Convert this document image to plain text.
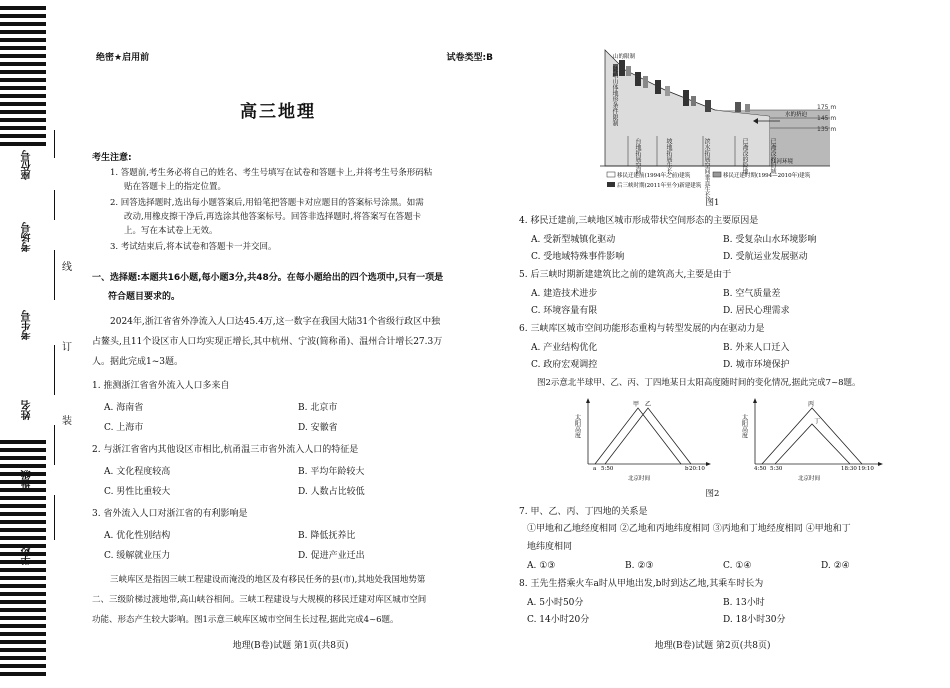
座位号
考场号
考生号
姓名
班级
学校
线
订
装
绝密★启用前	试卷类型:B
高三地理
考生注意:
1. 答题前,考生务必将自己的姓名、考生号填写在试卷和答题卡上,并将考生号条形码粘
贴在答题卡上的指定位置。
2. 回答选择题时,选出每小题答案后,用铅笔把答题卡对应题目的答案标号涂黑。如需
改动,用橡皮擦干净后,再选涂其他答案标号。回答非选择题时,将答案写在答题卡
上。写在本试卷上无效。
3. 考试结束后,将本试卷和答题卡一并交回。
一、选择题:本题共16小题,每小题3分,共48分。在每小题给出的四个选项中,只有一项是
符合题目要求的。
2024年,浙江省省外净流入人口达45.4万,这一数字在我国大陆31个省级行政区中独
占鳌头,且11个设区市人口均实现正增长,其中杭州、宁波(简称甬)、温州合计增长27.3万
人。据此完成1~3题。
1. 推测浙江省省外流入人口多来自
A. 海南省	B. 北京市
C. 上海市	D. 安徽省
2. 与浙江省省内其他设区市相比,杭甬温三市省外流入人口的特征是
A. 文化程度较高	B. 平均年龄较大
C. 男性比重较大	D. 人数占比较低
3. 省外流入人口对浙江省的有利影响是
A. 优化性别结构	B. 降低抚养比
C. 缓解就业压力	D. 促进产业迁出
三峡库区是指因三峡工程建设而淹没的地区及有移民任务的县(市),其地处我国地势第
二、三级阶梯过渡地带,高山峡谷相间。三峡工程建设与大规模的移民迁建对库区城市空间
功能、形态产生较大影响。图1示意三峡库区城市空间生长过程,据此完成4~6题。
地理(B卷)试题 第1页(共8页)
山的限制
水的挤迫
江河环境
175 m
145 m
135 m
移民迁建前(1994年之前)建筑	移民迁建时期(1994—2010年)建筑
后三峡时期(2011年至今)新建建筑
陡峭山体地形条件限制
台地拓展空间	坡地拓展生长	滨水拓展空间垂直生长	已淹没的险地	已淹没的旧城
图1
4. 移民迁建前,三峡地区城市形成带状空间形态的主要原因是
A. 受新型城镇化驱动	B. 受复杂山水环境影响
C. 受地域特殊事件影响	D. 受航运业发展驱动
5. 后三峡时期新建建筑比之前的建筑高大,主要是由于
A. 建造技术进步	B. 空气质量差
C. 环境容量有限	D. 居民心理需求
6. 三峡库区城市空间功能形态重构与转型发展的内在驱动力是
A. 产业结构优化	B. 外来人口迁入
C. 政府宏观调控	D. 城市环境保护
图2示意北半球甲、乙、丙、丁四地某日太阳高度随时间的变化情况,据此完成7~8题。
太阳高度
甲 乙
a	b
5:50	20:10
北京时间
太阳高度
丙
丁
4:50 5:30	18:30 19:10
北京时间
图2
7. 甲、乙、丙、丁四地的关系是
①甲地和乙地经度相同 ②乙地和丙地纬度相同 ③丙地和丁地经度相同 ④甲地和丁
地纬度相同
A. ①③	B. ②③	C. ①④	D. ②④
8. 王先生搭乘火车a时从甲地出发,b时到达乙地,其乘车时长为
A. 5小时50分	B. 13小时
C. 14小时20分	D. 18小时30分
地理(B卷)试题 第2页(共8页)
